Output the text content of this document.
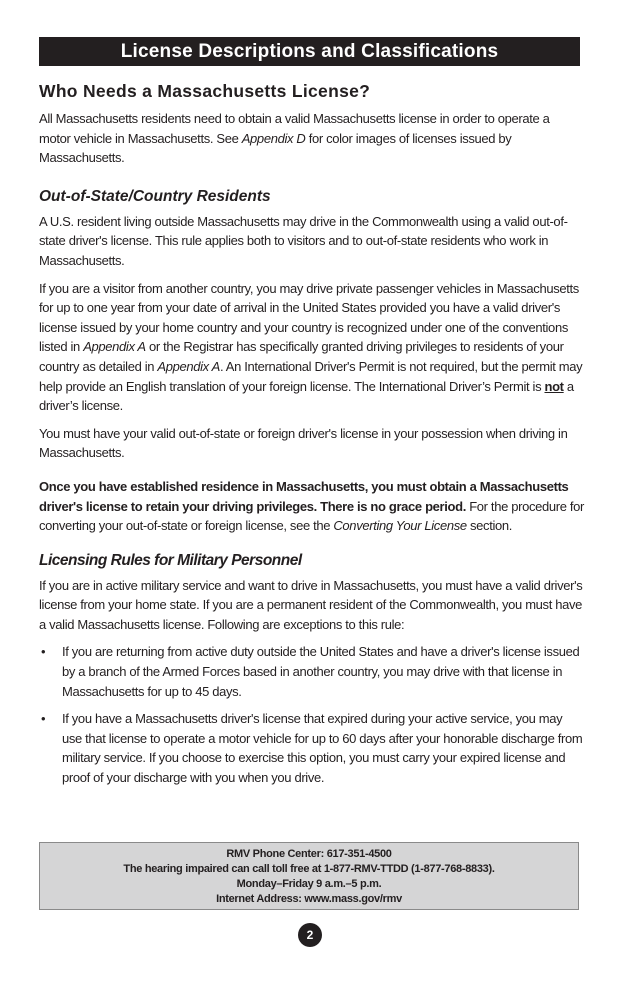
License Descriptions and Classifications
Who Needs a Massachusetts License?

All Massachusetts residents need to obtain a valid Massachusetts license in order to operate a motor vehicle in Massachusetts. See Appendix D for color images of licenses issued by Massachusetts.

Out-of-State/Country Residents

A U.S. resident living outside Massachusetts may drive in the Commonwealth using a valid out-of-state driver's license. This rule applies both to visitors and to out-of-state residents who work in Massachusetts.

If you are a visitor from another country, you may drive private passenger vehicles in Massachusetts for up to one year from your date of arrival in the United States provided you have a valid driver's license issued by your home country and your country is recognized under one of the conventions listed in Appendix A or the Registrar has specifically granted driving privileges to residents of your country as detailed in Appendix A. An International Driver's Permit is not required, but the permit may help provide an English translation of your foreign license. The International Driver’s Permit is not a driver’s license.

You must have your valid out-of-state or foreign driver's license in your possession when driving in Massachusetts.

Once you have established residence in Massachusetts, you must obtain a Massachusetts driver's license to retain your driving privileges. There is no grace period. For the procedure for converting your out-of-state or foreign license, see the Converting Your License section.

Licensing Rules for Military Personnel

If you are in active military service and want to drive in Massachusetts, you must have a valid driver's license from your home state. If you are a permanent resident of the Commonwealth, you must have a valid Massachusetts license. Following are exceptions to this rule:

• If you are returning from active duty outside the United States and have a driver's license issued by a branch of the Armed Forces based in another country, you may drive with that license in Massachusetts for up to 45 days.
• If you have a Massachusetts driver's license that expired during your active service, you may use that license to operate a motor vehicle for up to 60 days after your honorable discharge from military service. If you choose to exercise this option, you must carry your expired license and proof of your discharge with you when you drive.
RMV Phone Center: 617-351-4500
The hearing impaired can call toll free at 1-877-RMV-TTDD (1-877-768-8833).
Monday–Friday 9 a.m.–5 p.m.
Internet Address: www.mass.gov/rmv
2
